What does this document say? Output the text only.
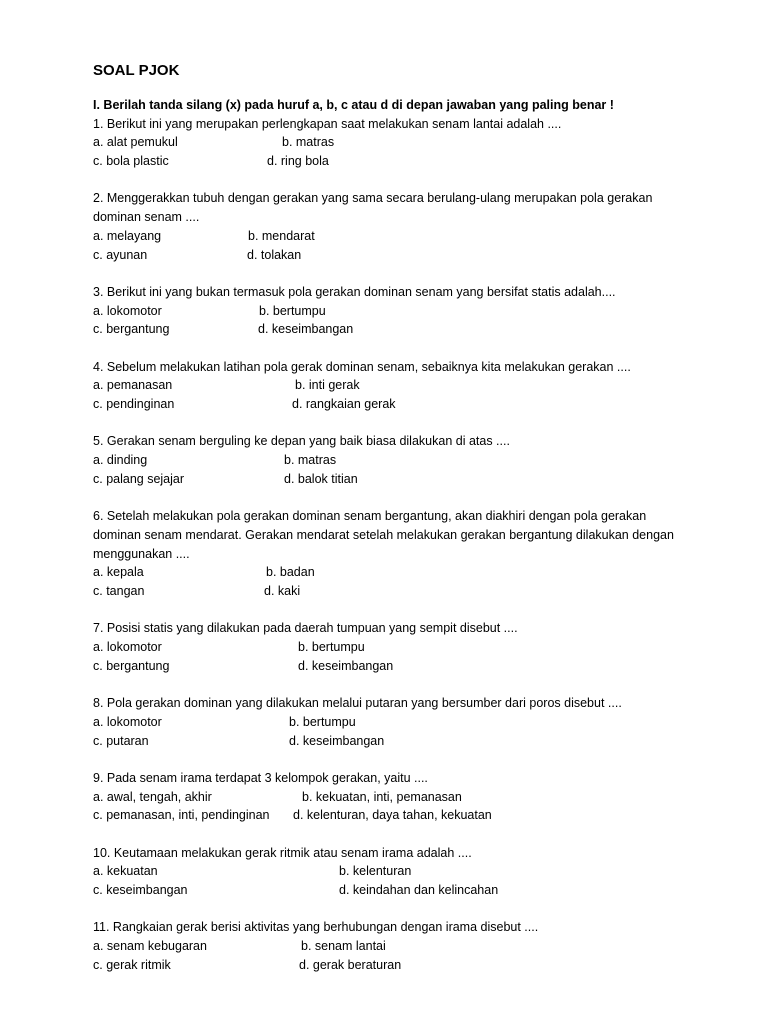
SOAL PJOK
I. Berilah tanda silang (x) pada huruf a, b, c atau d di depan jawaban yang paling benar !
1. Berikut ini yang merupakan perlengkapan saat melakukan senam lantai adalah ....
a. alat pemukul	b. matras
c. bola plastic	d. ring bola
2. Menggerakkan tubuh dengan gerakan yang sama secara berulang-ulang merupakan pola gerakan dominan senam ....
a. melayang	b. mendarat
c. ayunan	d. tolakan
3. Berikut ini yang bukan termasuk pola gerakan dominan senam yang bersifat statis adalah....
a. lokomotor	b. bertumpu
c. bergantung	d. keseimbangan
4. Sebelum melakukan latihan pola gerak dominan senam, sebaiknya kita melakukan gerakan ....
a. pemanasan	b. inti gerak
c. pendinginan	d. rangkaian gerak
5. Gerakan senam berguling ke depan yang baik biasa dilakukan di atas ....
a. dinding	b. matras
c. palang sejajar	d. balok titian
6. Setelah melakukan pola gerakan dominan senam bergantung, akan diakhiri dengan pola gerakan dominan senam mendarat. Gerakan mendarat setelah melakukan gerakan bergantung dilakukan dengan menggunakan ....
a. kepala	b. badan
c. tangan	d. kaki
7. Posisi statis yang dilakukan pada daerah tumpuan yang sempit disebut ....
a. lokomotor	b. bertumpu
c. bergantung	d. keseimbangan
8. Pola gerakan dominan yang dilakukan melalui putaran yang bersumber dari poros disebut ....
a. lokomotor	b. bertumpu
c. putaran	d. keseimbangan
9. Pada senam irama terdapat 3 kelompok gerakan, yaitu ....
a. awal, tengah, akhir	b. kekuatan, inti, pemanasan
c. pemanasan, inti, pendinginan d. kelenturan, daya tahan, kekuatan
10. Keutamaan melakukan gerak ritmik atau senam irama adalah ....
a. kekuatan	b. kelenturan
c. keseimbangan	d. keindahan dan kelincahan
11. Rangkaian gerak berisi aktivitas yang berhubungan dengan irama disebut ....
a. senam kebugaran	b. senam lantai
c. gerak ritmik	d. gerak beraturan
